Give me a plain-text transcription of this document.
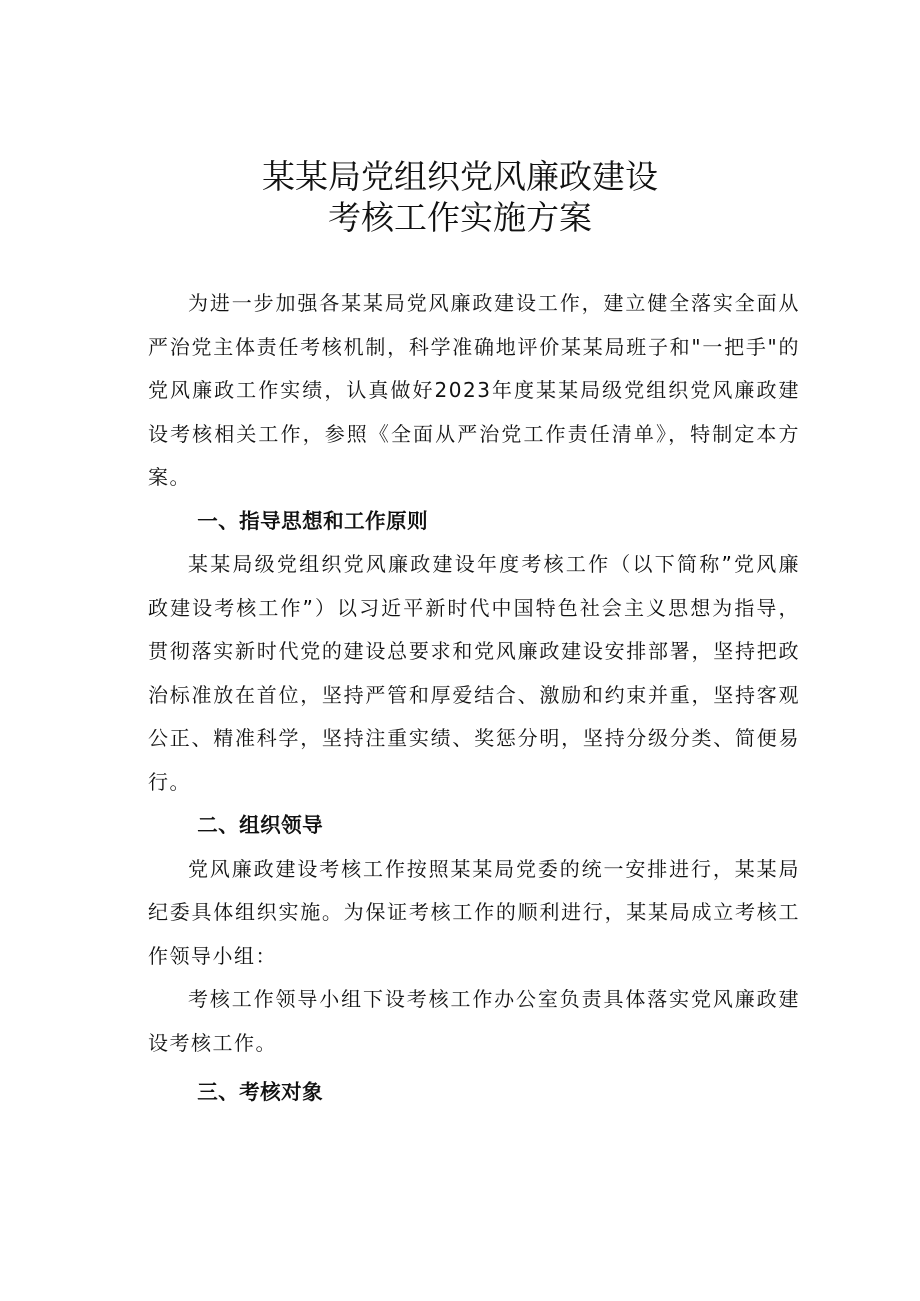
某某局党组织党风廉政建设
考核工作实施方案

为进一步加强各某某局党风廉政建设工作，建立健全落实全面从严治党主体责任考核机制，科学准确地评价某某局班子和"一把手"的党风廉政工作实绩，认真做好2023年度某某局级党组织党风廉政建设考核相关工作，参照《全面从严治党工作责任清单》，特制定本方案。

一、指导思想和工作原则

某某局级党组织党风廉政建设年度考核工作（以下简称”党风廉政建设考核工作”）以习近平新时代中国特色社会主义思想为指导，贯彻落实新时代党的建设总要求和党风廉政建设安排部署，坚持把政治标准放在首位，坚持严管和厚爱结合、激励和约束并重，坚持客观公正、精准科学，坚持注重实绩、奖惩分明，坚持分级分类、简便易行。

二、组织领导

党风廉政建设考核工作按照某某局党委的统一安排进行，某某局纪委具体组织实施。为保证考核工作的顺利进行，某某局成立考核工作领导小组：

考核工作领导小组下设考核工作办公室负责具体落实党风廉政建设考核工作。

三、考核对象
